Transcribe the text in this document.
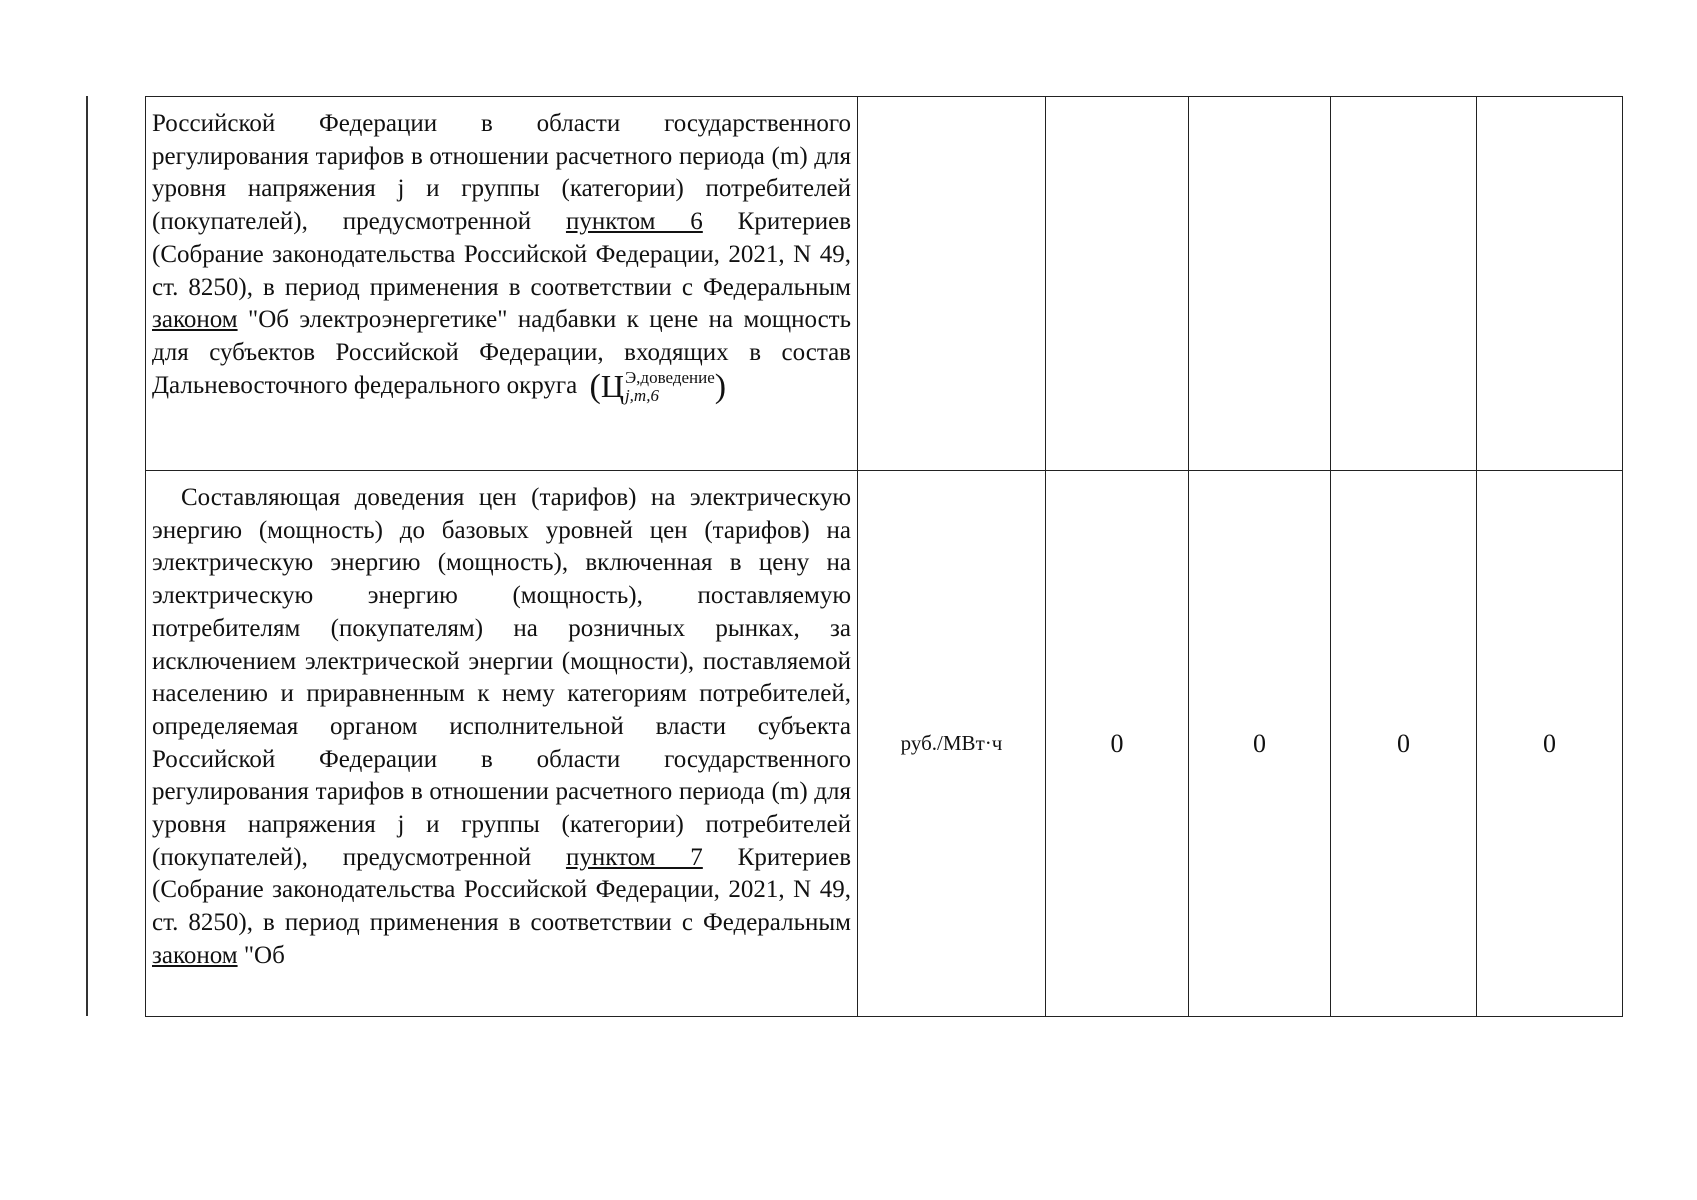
Российской Федерации в области государственного регулирования тарифов в отношении расчетного периода (m) для уровня напряжения j и группы (категории) потребителей (покупателей), предусмотренной пунктом 6 Критериев (Собрание законодательства Российской Федерации, 2021, N 49, ст. 8250), в период применения в соответствии с Федеральным законом "Об электроэнергетике" надбавки к цене на мощность для субъектов Российской Федерации, входящих в состав Дальневосточного федерального округа (Ц Э,доведение
j,m,6 )					

Составляющая доведения цен (тарифов) на электрическую энергию (мощность) до базовых уровней цен (тарифов) на электрическую энергию (мощность), включенная в цену на электрическую энергию (мощность), поставляемую потребителям (покупателям) на розничных рынках, за исключением электрической энергии (мощности), поставляемой населению и приравненным к нему категориям потребителей, определяемая органом исполнительной власти субъекта Российской Федерации в области государственного регулирования тарифов в отношении расчетного периода (m) для уровня напряжения j и группы (категории) потребителей (покупателей), предусмотренной пунктом 7 Критериев (Собрание законодательства Российской Федерации, 2021, N 49, ст. 8250), в период применения в соответствии с Федеральным законом "Об	руб./МВт·ч	0	0	0	0
